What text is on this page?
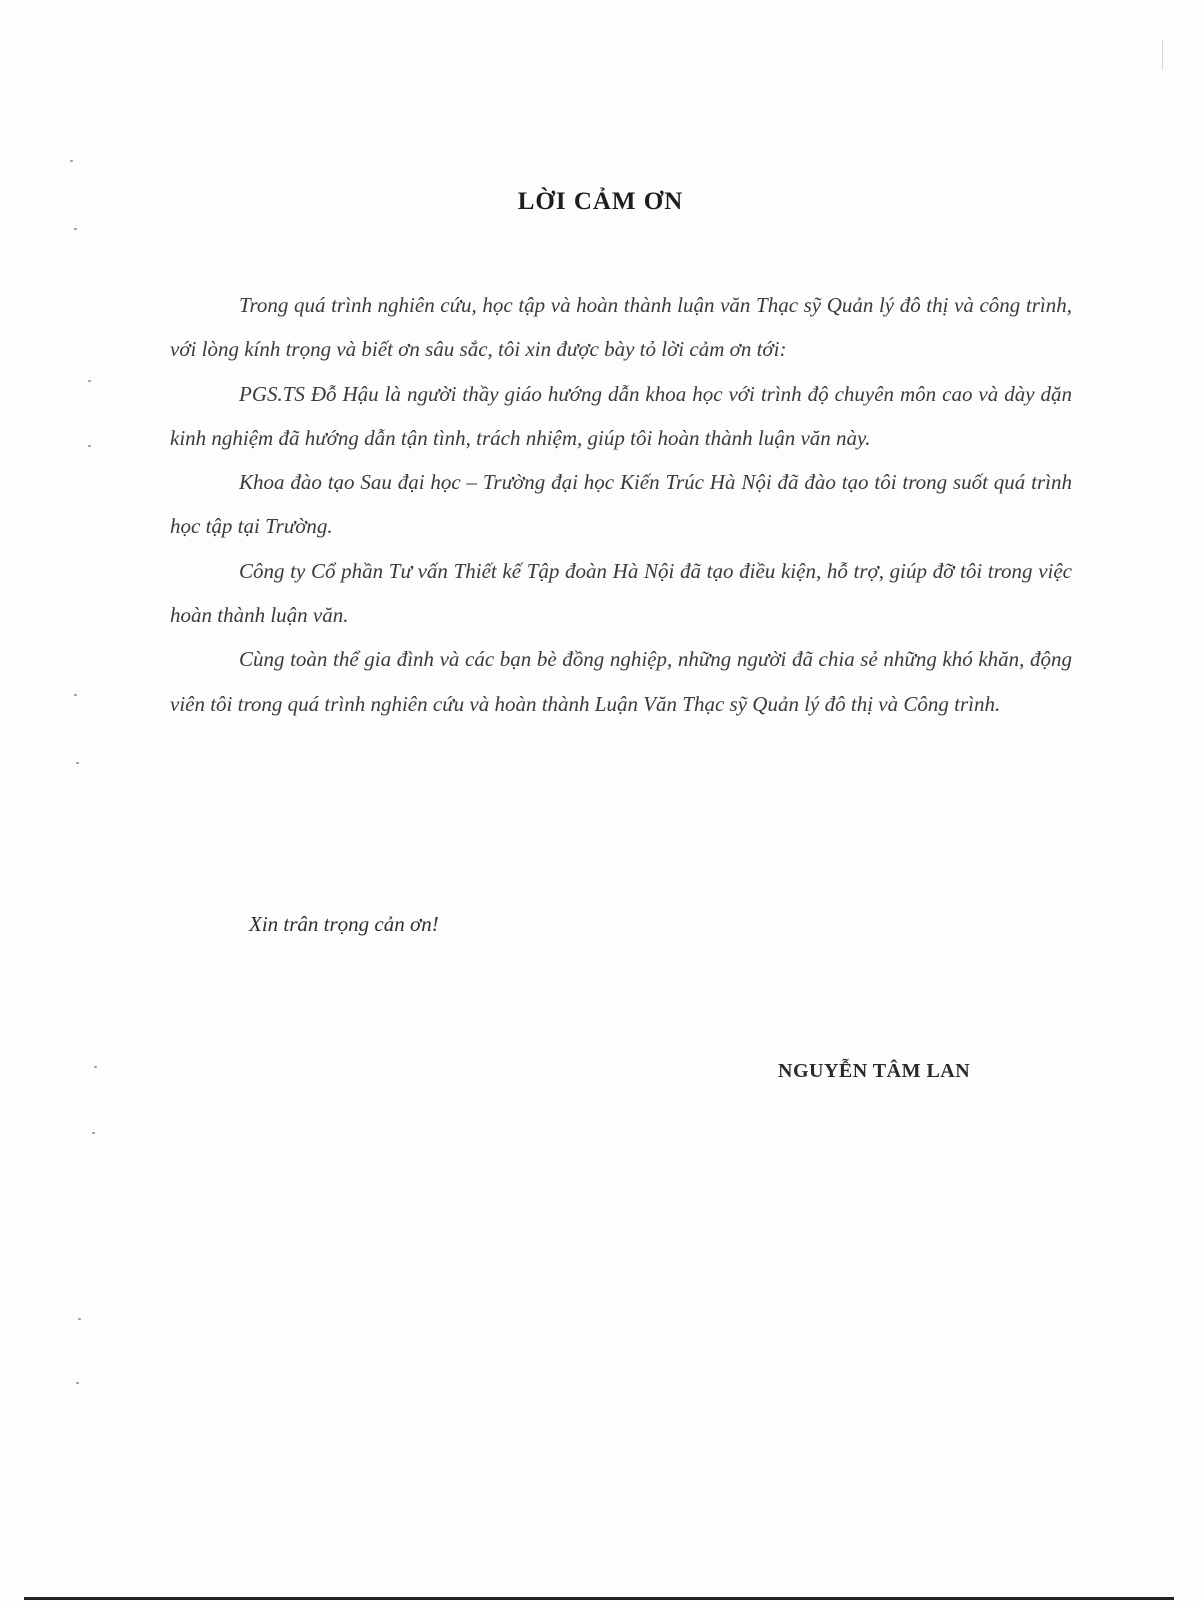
LỜI CẢM ƠN

Trong quá trình nghiên cứu, học tập và hoàn thành luận văn Thạc sỹ Quản lý đô thị và công trình, với lòng kính trọng và biết ơn sâu sắc, tôi xin được bày tỏ lời cảm ơn tới:

PGS.TS Đỗ Hậu là người thầy giáo hướng dẫn khoa học với trình độ chuyên môn cao và dày dặn kinh nghiệm đã hướng dẫn tận tình, trách nhiệm, giúp tôi hoàn thành luận văn này.

Khoa đào tạo Sau đại học – Trường đại học Kiến Trúc Hà Nội đã đào tạo tôi trong suốt quá trình học tập tại Trường.

Công ty Cổ phần Tư vấn Thiết kế Tập đoàn Hà Nội đã tạo điều kiện, hỗ trợ, giúp đỡ tôi trong việc hoàn thành luận văn.

Cùng toàn thể gia đình và các bạn bè đồng nghiệp, những người đã chia sẻ những khó khăn, động viên tôi trong quá trình nghiên cứu và hoàn thành Luận Văn Thạc sỹ Quản lý đô thị và Công trình.

Xin trân trọng cản ơn!
NGUYỄN TÂM LAN
